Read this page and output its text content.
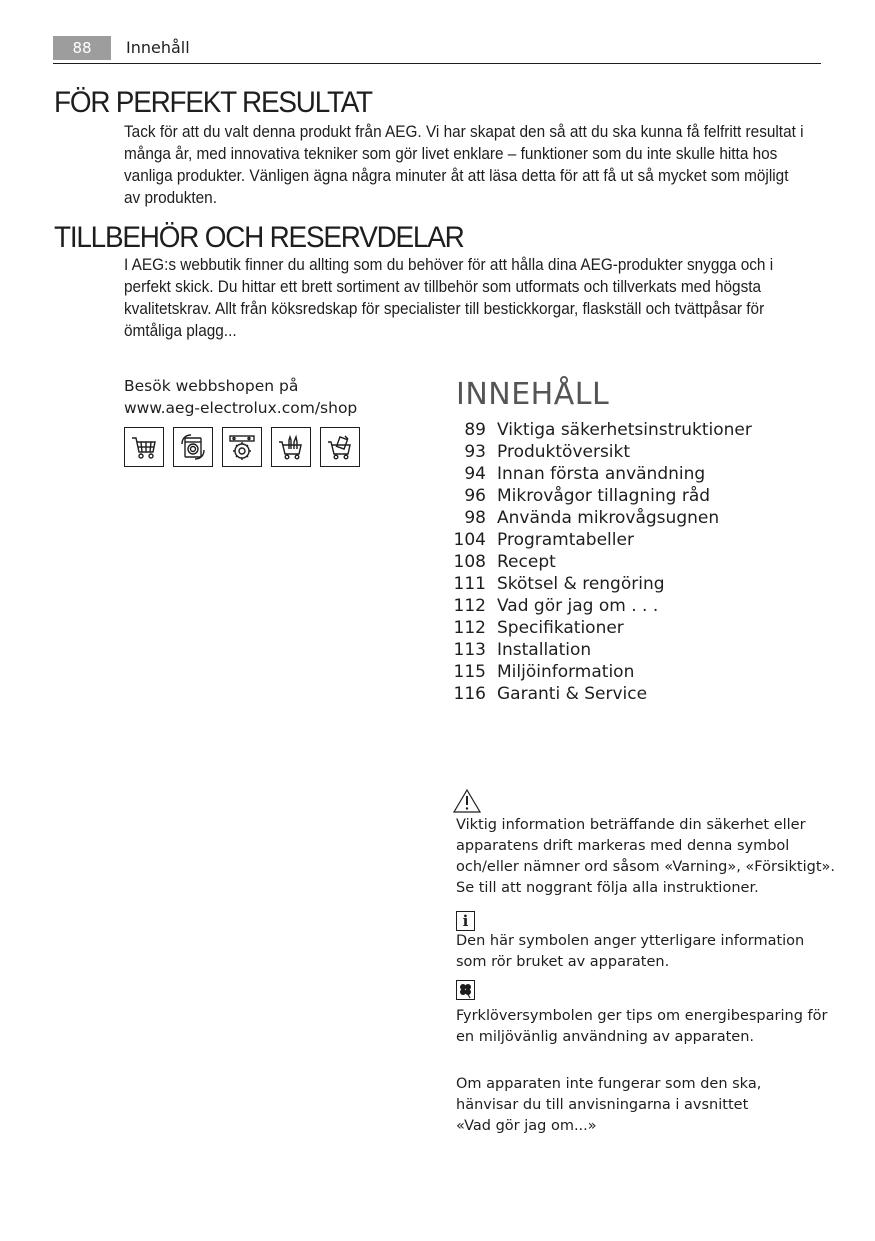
88	Innehåll
FÖR PERFEKT RESULTAT

Tack för att du valt denna produkt från AEG. Vi har skapat den så att du ska kunna få felfritt resultat i många år, med innovativa tekniker som gör livet enklare – funktioner som du inte skulle hitta hos vanliga produkter. Vänligen ägna några minuter åt att läsa detta för att få ut så mycket som möjligt av produkten.

TILLBEHÖR OCH RESERVDELAR

I AEG:s webbutik finner du allting som du behöver för att hålla dina AEG-produkter snygga och i perfekt skick. Du hittar ett brett sortiment av tillbehör som utformats och tillverkats med högsta kvalitetskrav. Allt från köksredskap för specialister till bestickkorgar, flaskställ och tvättpåsar för ömtåliga plagg...

Besök webbshopen på
www.aeg-electrolux.com/shop	INNEHÅLL
89 Viktiga säkerhetsinstruktioner
93 Produktöversikt
94 Innan första användning
96 Mikrovågor tillagning råd
98 Använda mikrovågsugnen
104 Programtabeller
108 Recept
111 Skötsel & rengöring
112 Vad gör jag om . . .
112 Specifikationer
113 Installation
115 Miljöinformation
116 Garanti & Service

Viktig information beträffande din säkerhet eller apparatens drift markeras med denna symbol och/eller nämner ord såsom «Varning», «Försiktigt». Se till att noggrant följa alla instruktioner.

i

Den här symbolen anger ytterligare information som rör bruket av apparaten.

Fyrklöversymbolen ger tips om energibesparing för en miljövänlig användning av apparaten.

Om apparaten inte fungerar som den ska, hänvisar du till anvisningarna i avsnittet «Vad gör jag om...»
